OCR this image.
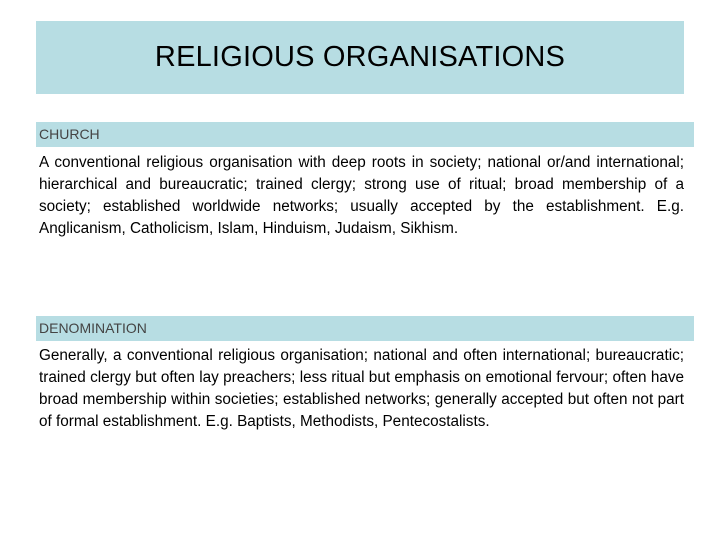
RELIGIOUS ORGANISATIONS
CHURCH

A conventional religious organisation with deep roots in society; national or/and international; hierarchical and bureaucratic; trained clergy; strong use of ritual; broad membership of a society; established worldwide networks; usually accepted by the establishment. E.g. Anglicanism, Catholicism, Islam, Hinduism, Judaism, Sikhism.

DENOMINATION

Generally, a conventional religious organisation; national and often international; bureaucratic; trained clergy but often lay preachers; less ritual but emphasis on emotional fervour; often have broad membership within societies; established networks; generally accepted but often not part of formal establishment. E.g. Baptists, Methodists, Pentecostalists.
